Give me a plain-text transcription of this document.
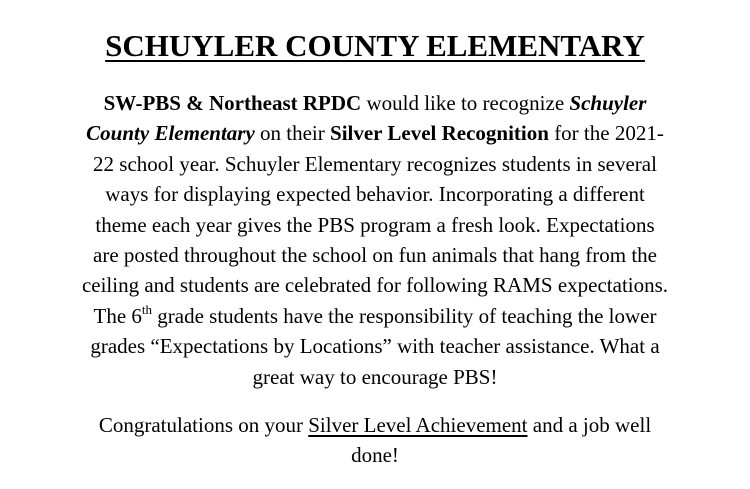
SCHUYLER COUNTY ELEMENTARY
SW-PBS & Northeast RPDC would like to recognize Schuyler
County Elementary on their Silver Level Recognition for the 2021-
22 school year. Schuyler Elementary recognizes students in several
ways for displaying expected behavior. Incorporating a different
theme each year gives the PBS program a fresh look. Expectations
are posted throughout the school on fun animals that hang from the
ceiling and students are celebrated for following RAMS expectations.
The 6th grade students have the responsibility of teaching the lower
grades “Expectations by Locations” with teacher assistance. What a
great way to encourage PBS!
Congratulations on your Silver Level Achievement and a job well
done!
